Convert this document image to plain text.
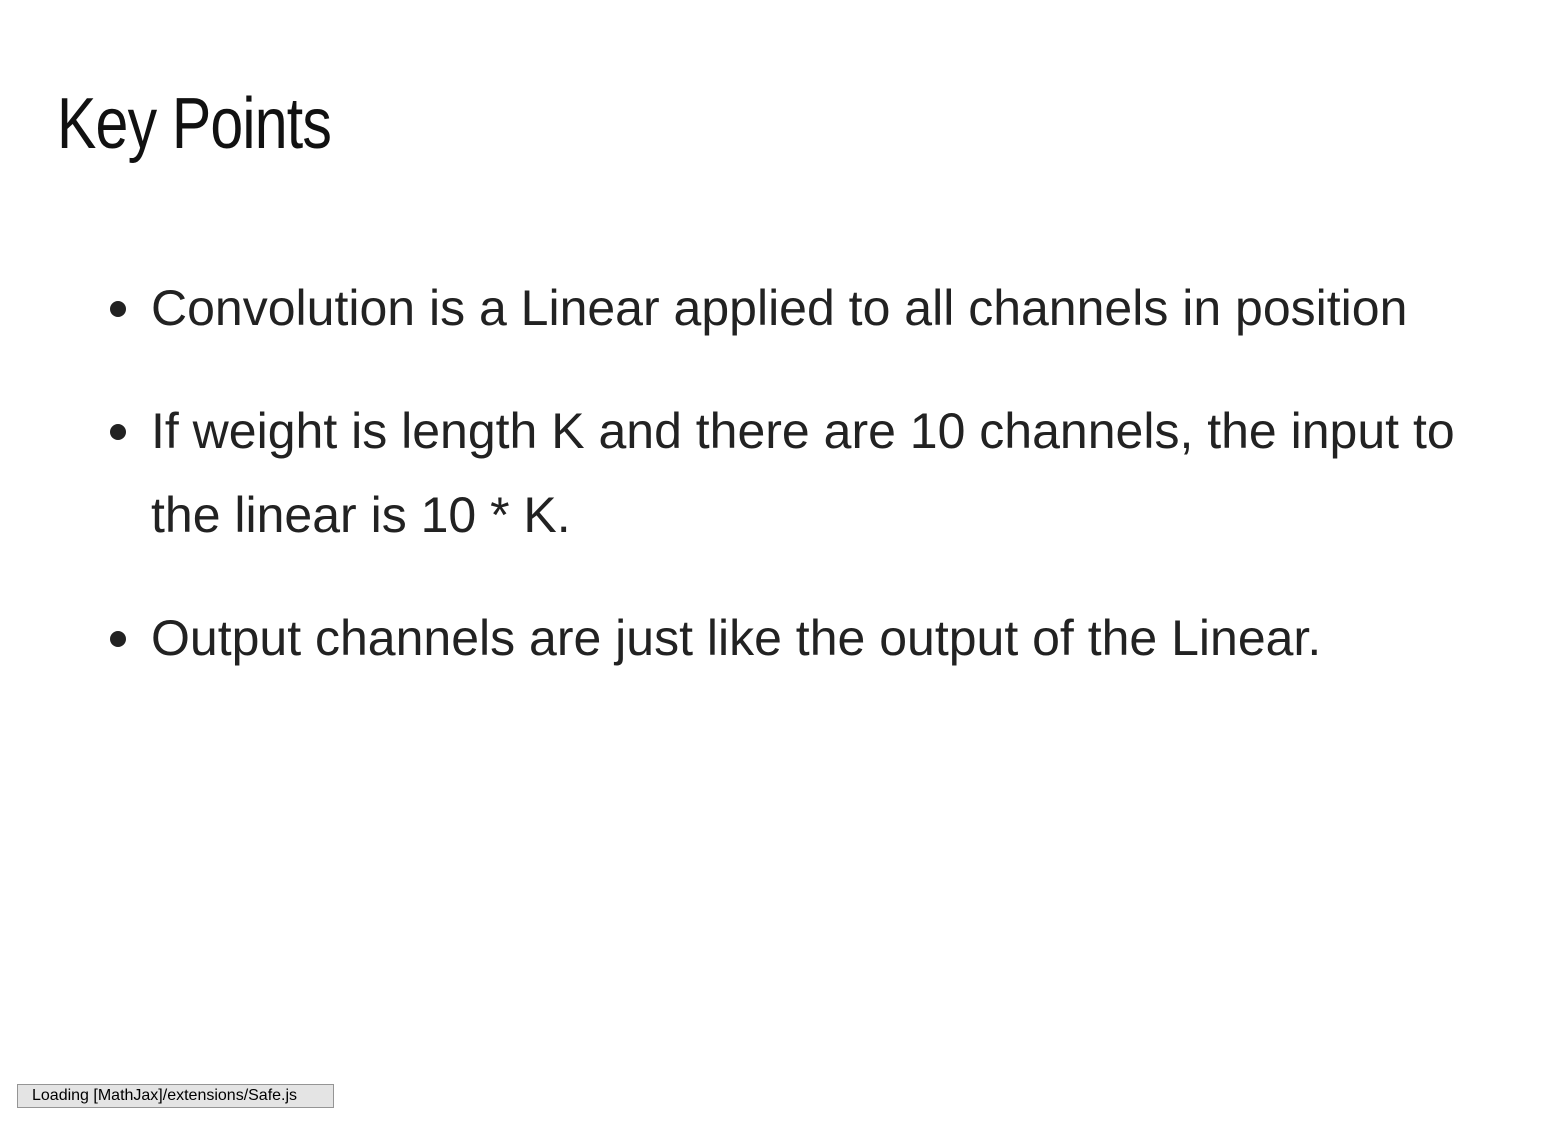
Key Points
Convolution is a Linear applied to all channels in position
If weight is length K and there are 10 channels, the input to the linear is 10 * K.
Output channels are just like the output of the Linear.
Loading [MathJax]/extensions/Safe.js
